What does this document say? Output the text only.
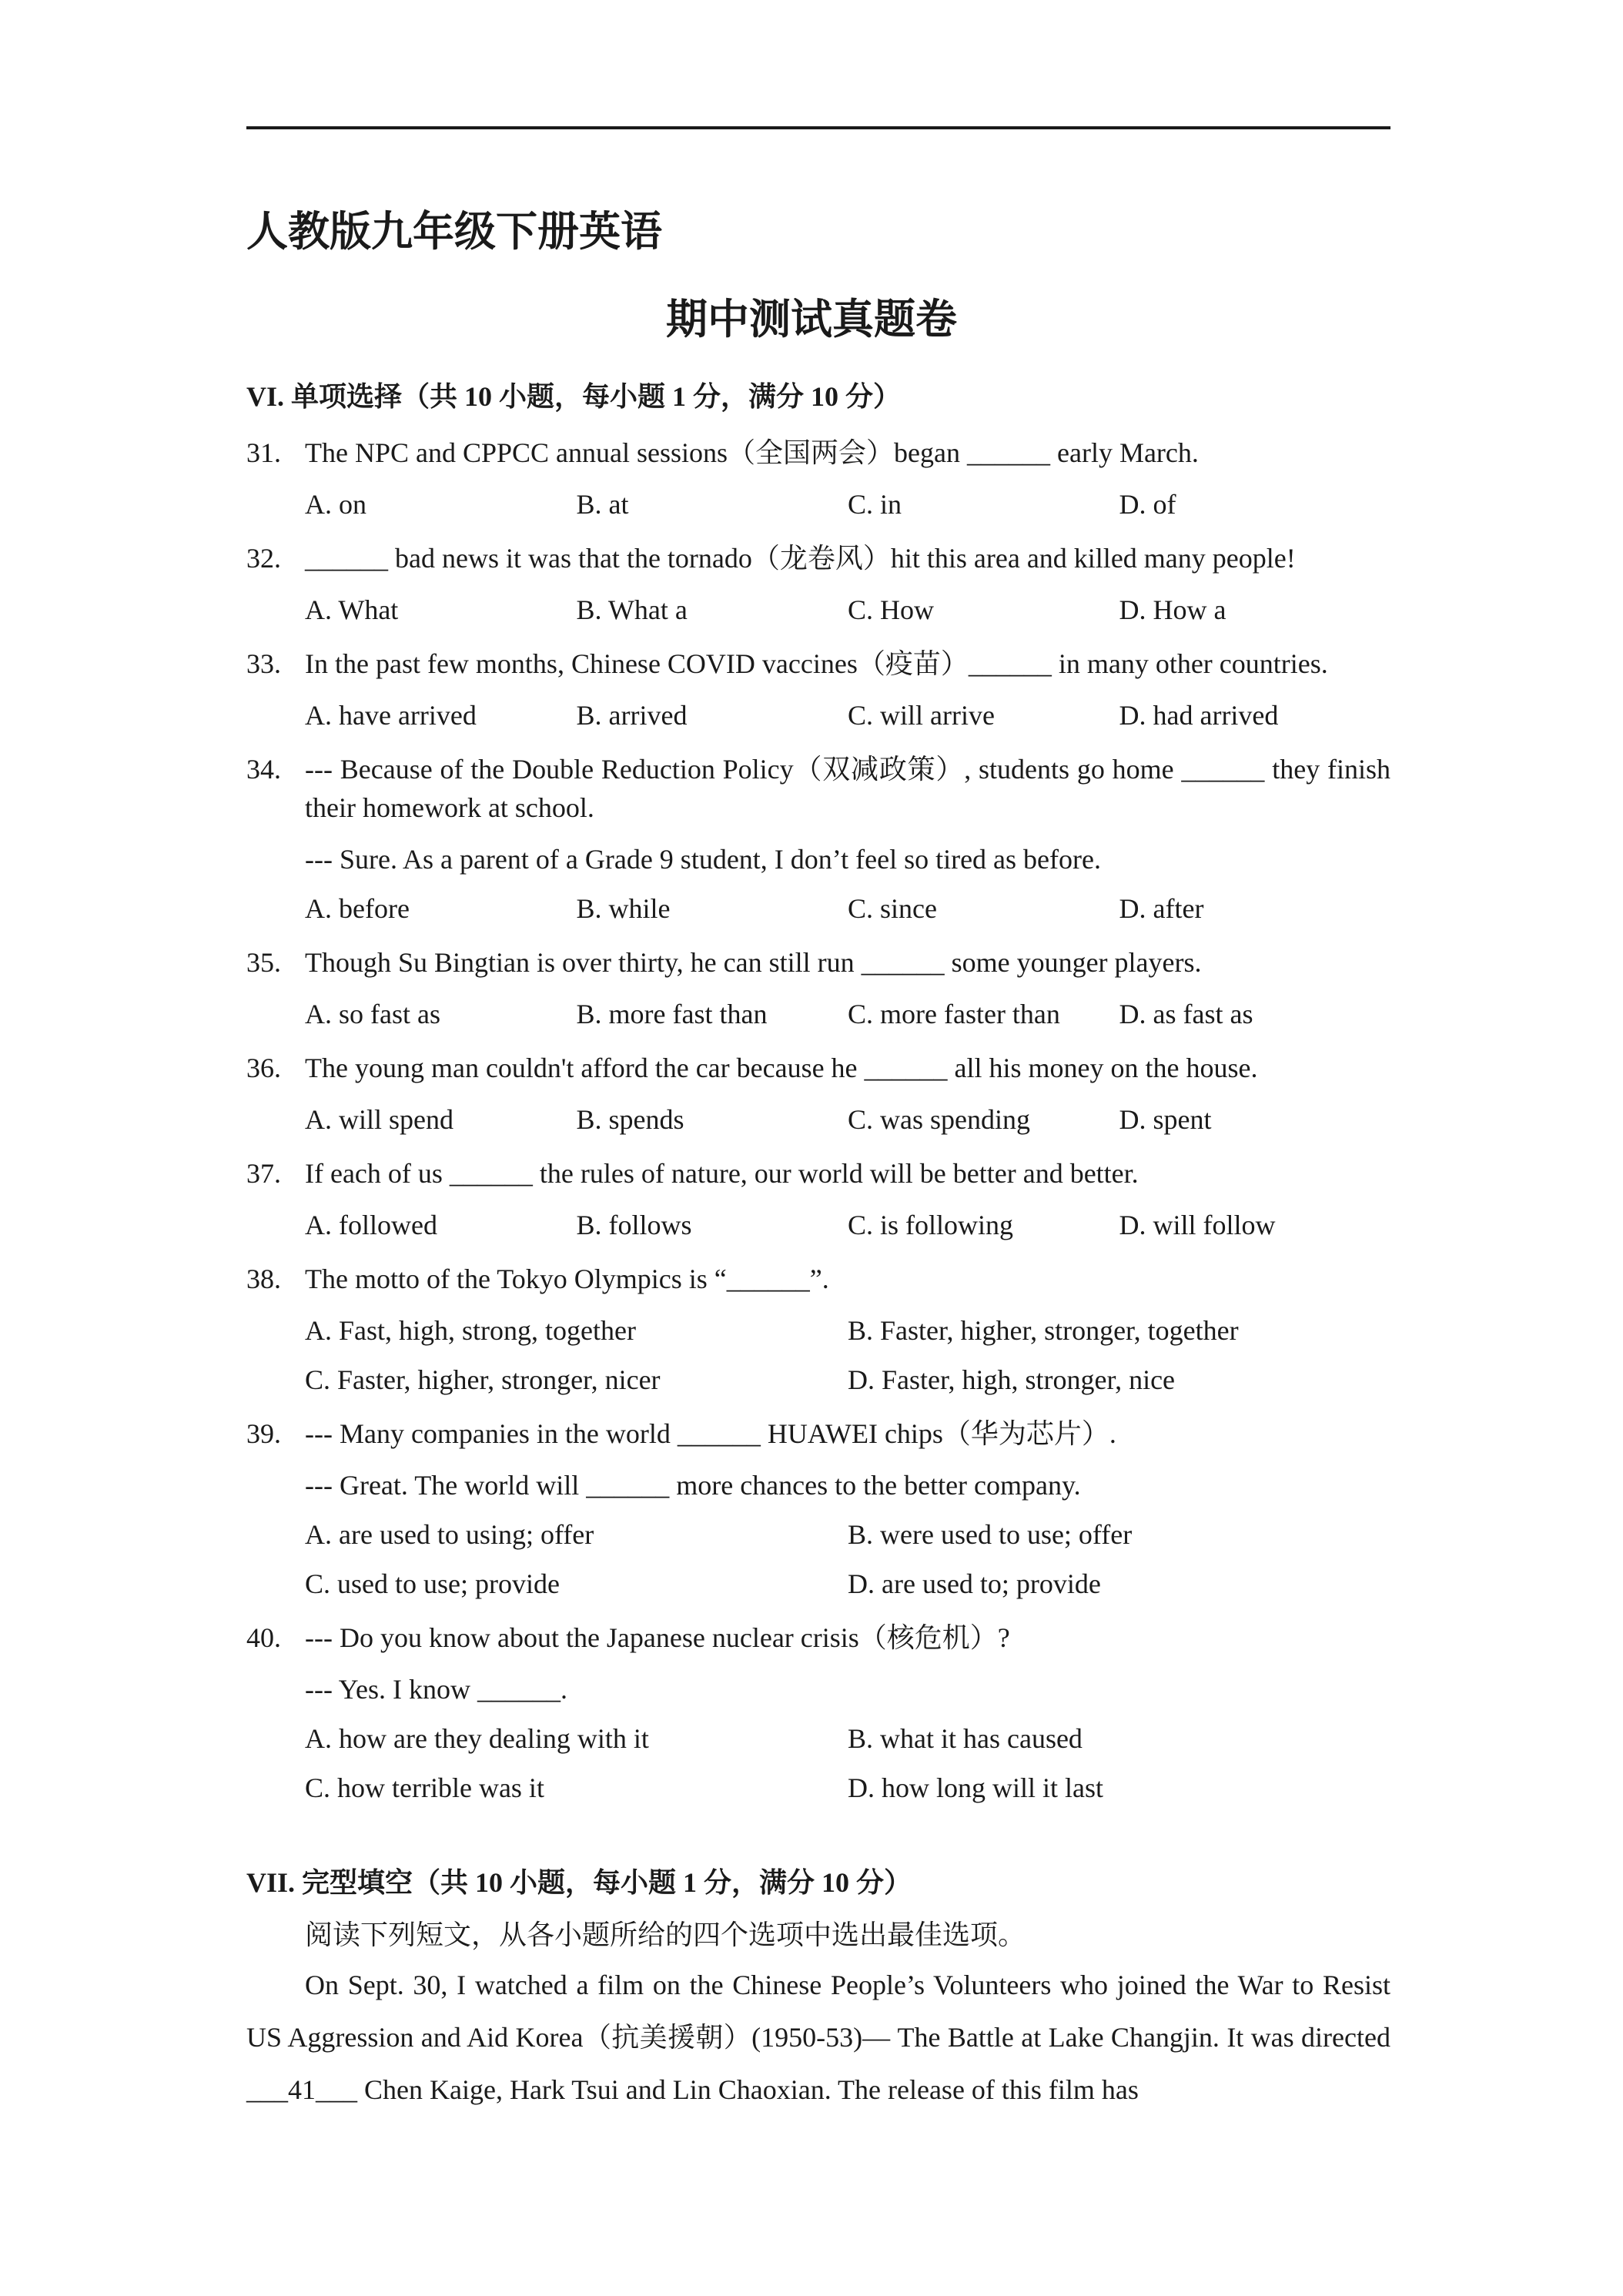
人教版九年级下册英语
期中测试真题卷
VI. 单项选择（共 10 小题，每小题 1 分，满分 10 分）
31. The NPC and CPPCC annual sessions（全国两会）began ______ early March.
A. on	B. at	C. in	D. of
32. ______ bad news it was that the tornado（龙卷风）hit this area and killed many people!
A. What	B. What a	C. How	D. How a
33. In the past few months, Chinese COVID vaccines（疫苗）______ in many other countries.
A. have arrived	B. arrived	C. will arrive	D. had arrived
34. --- Because of the Double Reduction Policy（双减政策）, students go home ______ they finish their homework at school.
--- Sure. As a parent of a Grade 9 student, I don’t feel so tired as before.
A. before	B. while	C. since	D. after
35. Though Su Bingtian is over thirty, he can still run ______ some younger players.
A. so fast as	B. more fast than	C. more faster than	D. as fast as
36. The young man couldn't afford the car because he ______ all his money on the house.
A. will spend	B. spends	C. was spending	D. spent
37. If each of us ______ the rules of nature, our world will be better and better.
A. followed	B. follows	C. is following	D. will follow
38. The motto of the Tokyo Olympics is “______”.
A. Fast, high, strong, together	B. Faster, higher, stronger, together
C. Faster, higher, stronger, nicer	D. Faster, high, stronger, nice
39. --- Many companies in the world ______ HUAWEI chips（华为芯片）.
--- Great. The world will ______ more chances to the better company.
A. are used to using; offer	B. were used to use; offer
C. used to use; provide	D. are used to; provide
40. --- Do you know about the Japanese nuclear crisis（核危机）?
--- Yes. I know ______.
A. how are they dealing with it	B. what it has caused
C. how terrible was it	D. how long will it last
VII. 完型填空（共 10 小题，每小题 1 分，满分 10 分）
阅读下列短文，从各小题所给的四个选项中选出最佳选项。
On Sept. 30, I watched a film on the Chinese People’s Volunteers who joined the War to Resist US Aggression and Aid Korea（抗美援朝）(1950-53)— The Battle at Lake Changjin. It was directed ___41___ Chen Kaige, Hark Tsui and Lin Chaoxian. The release of this film has
